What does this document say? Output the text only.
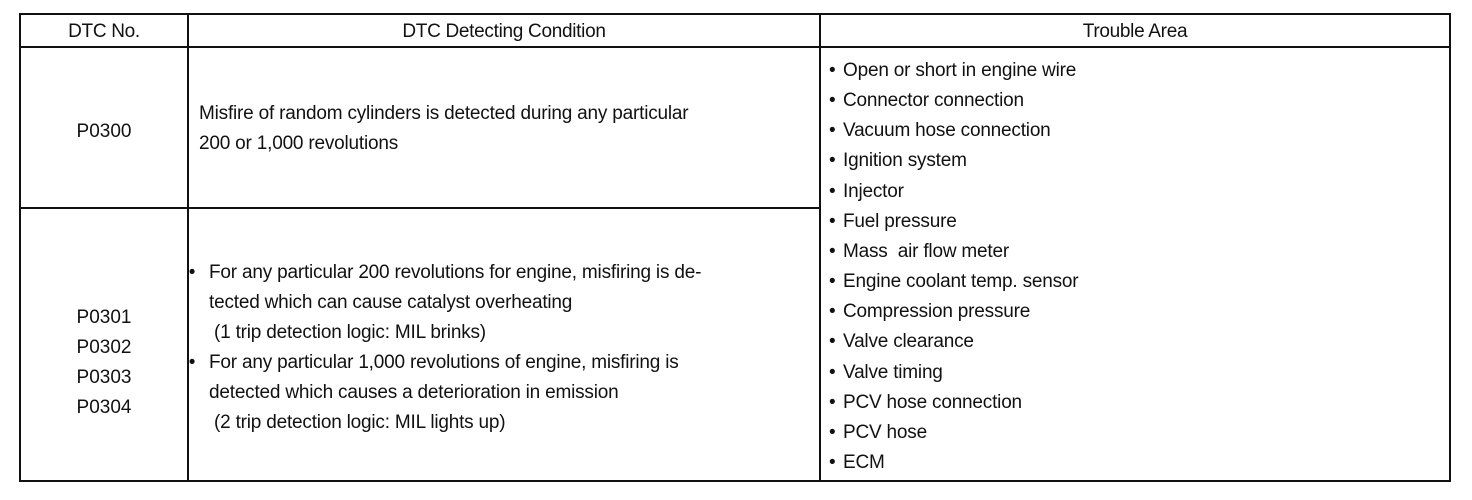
DTC No.	DTC Detecting Condition	Trouble Area
P0300
Misfire of random cylinders is detected during any particular
200 or 1,000 revolutions
P0301
P0302
P0303
P0304
• For any particular 200 revolutions for engine, misfiring is de-
tected which can cause catalyst overheating
(1 trip detection logic: MIL brinks)
• For any particular 1,000 revolutions of engine, misfiring is
detected which causes a deterioration in emission
(2 trip detection logic: MIL lights up)
• Open or short in engine wire
• Connector connection
• Vacuum hose connection
• Ignition system
• Injector
• Fuel pressure
• Mass  air flow meter
• Engine coolant temp. sensor
• Compression pressure
• Valve clearance
• Valve timing
• PCV hose connection
• PCV hose
• ECM
